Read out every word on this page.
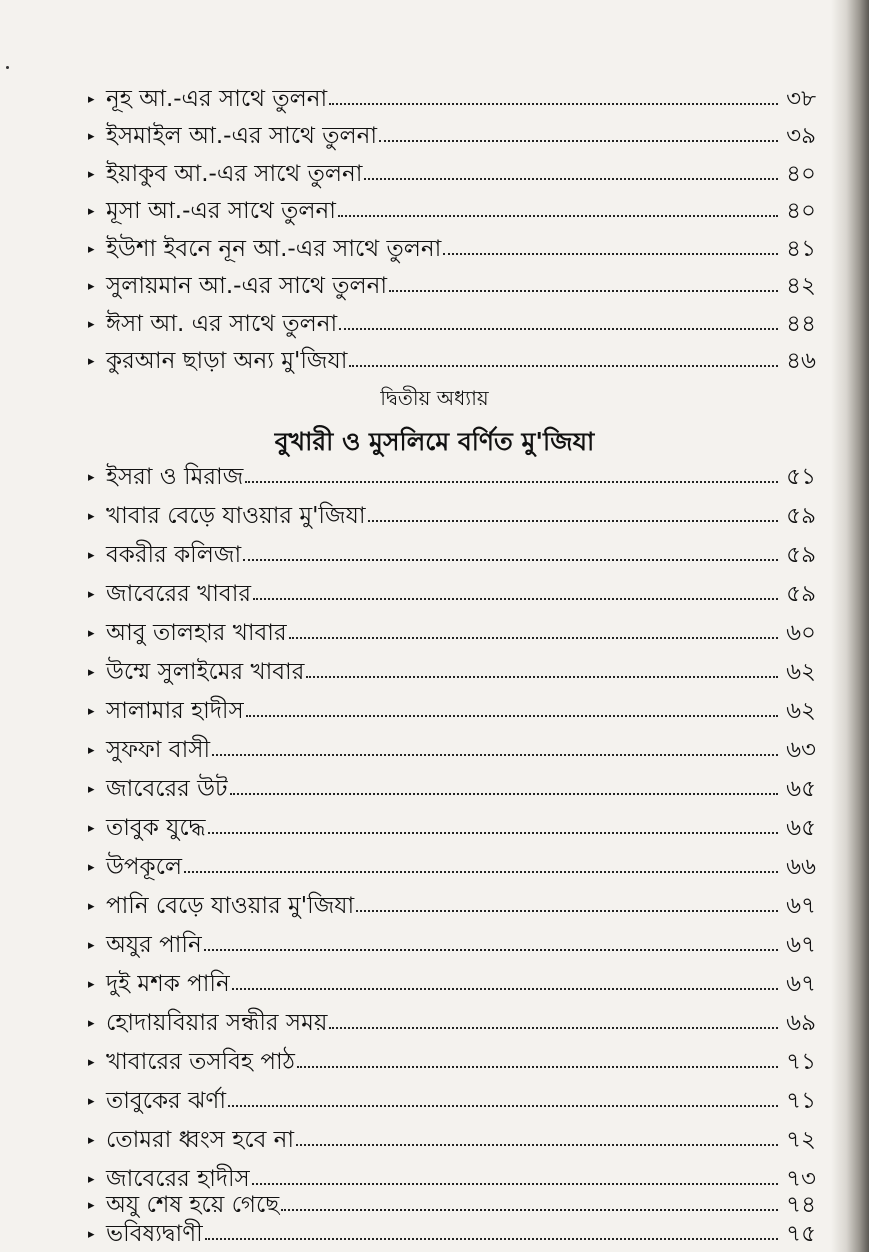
▸ নূহ আ.-এর সাথে তুলনা	৩৮
▸ ইসমাইল আ.-এর সাথে তুলনা	৩৯
▸ ইয়াকুব আ.-এর সাথে তুলনা	৪০
▸ মূসা আ.-এর সাথে তুলনা	৪০
▸ ইউশা ইবনে নূন আ.-এর সাথে তুলনা	৪১
▸ সুলায়মান আ.-এর সাথে তুলনা	৪২
▸ ঈসা আ. এর সাথে তুলনা	৪৪
▸ কুরআন ছাড়া অন্য মু'জিযা	৪৬
দ্বিতীয় অধ্যায়
বুখারী ও মুসলিমে বর্ণিত মু'জিযা
▸ ইসরা ও মিরাজ	৫১
▸ খাবার বেড়ে যাওয়ার মু'জিযা	৫৯
▸ বকরীর কলিজা	৫৯
▸ জাবেরের খাবার	৫৯
▸ আবু তালহার খাবার	৬০
▸ উম্মে সুলাইমের খাবার	৬২
▸ সালামার হাদীস	৬২
▸ সুফফা বাসী	৬৩
▸ জাবেরের উট	৬৫
▸ তাবুক যুদ্ধে	৬৫
▸ উপকূলে	৬৬
▸ পানি বেড়ে যাওয়ার মু'জিযা	৬৭
▸ অযুর পানি	৬৭
▸ দুই মশক পানি	৬৭
▸ হোদায়বিয়ার সন্ধীর সময়	৬৯
▸ খাবারের তসবিহ পাঠ	৭১
▸ তাবুকের ঝর্ণা	৭১
▸ তোমরা ধ্বংস হবে না	৭২
▸ জাবেরের হাদীস	৭৩
▸ অযু শেষ হয়ে গেছে	৭৪
▸ ভবিষ্যদ্বাণী	৭৫
